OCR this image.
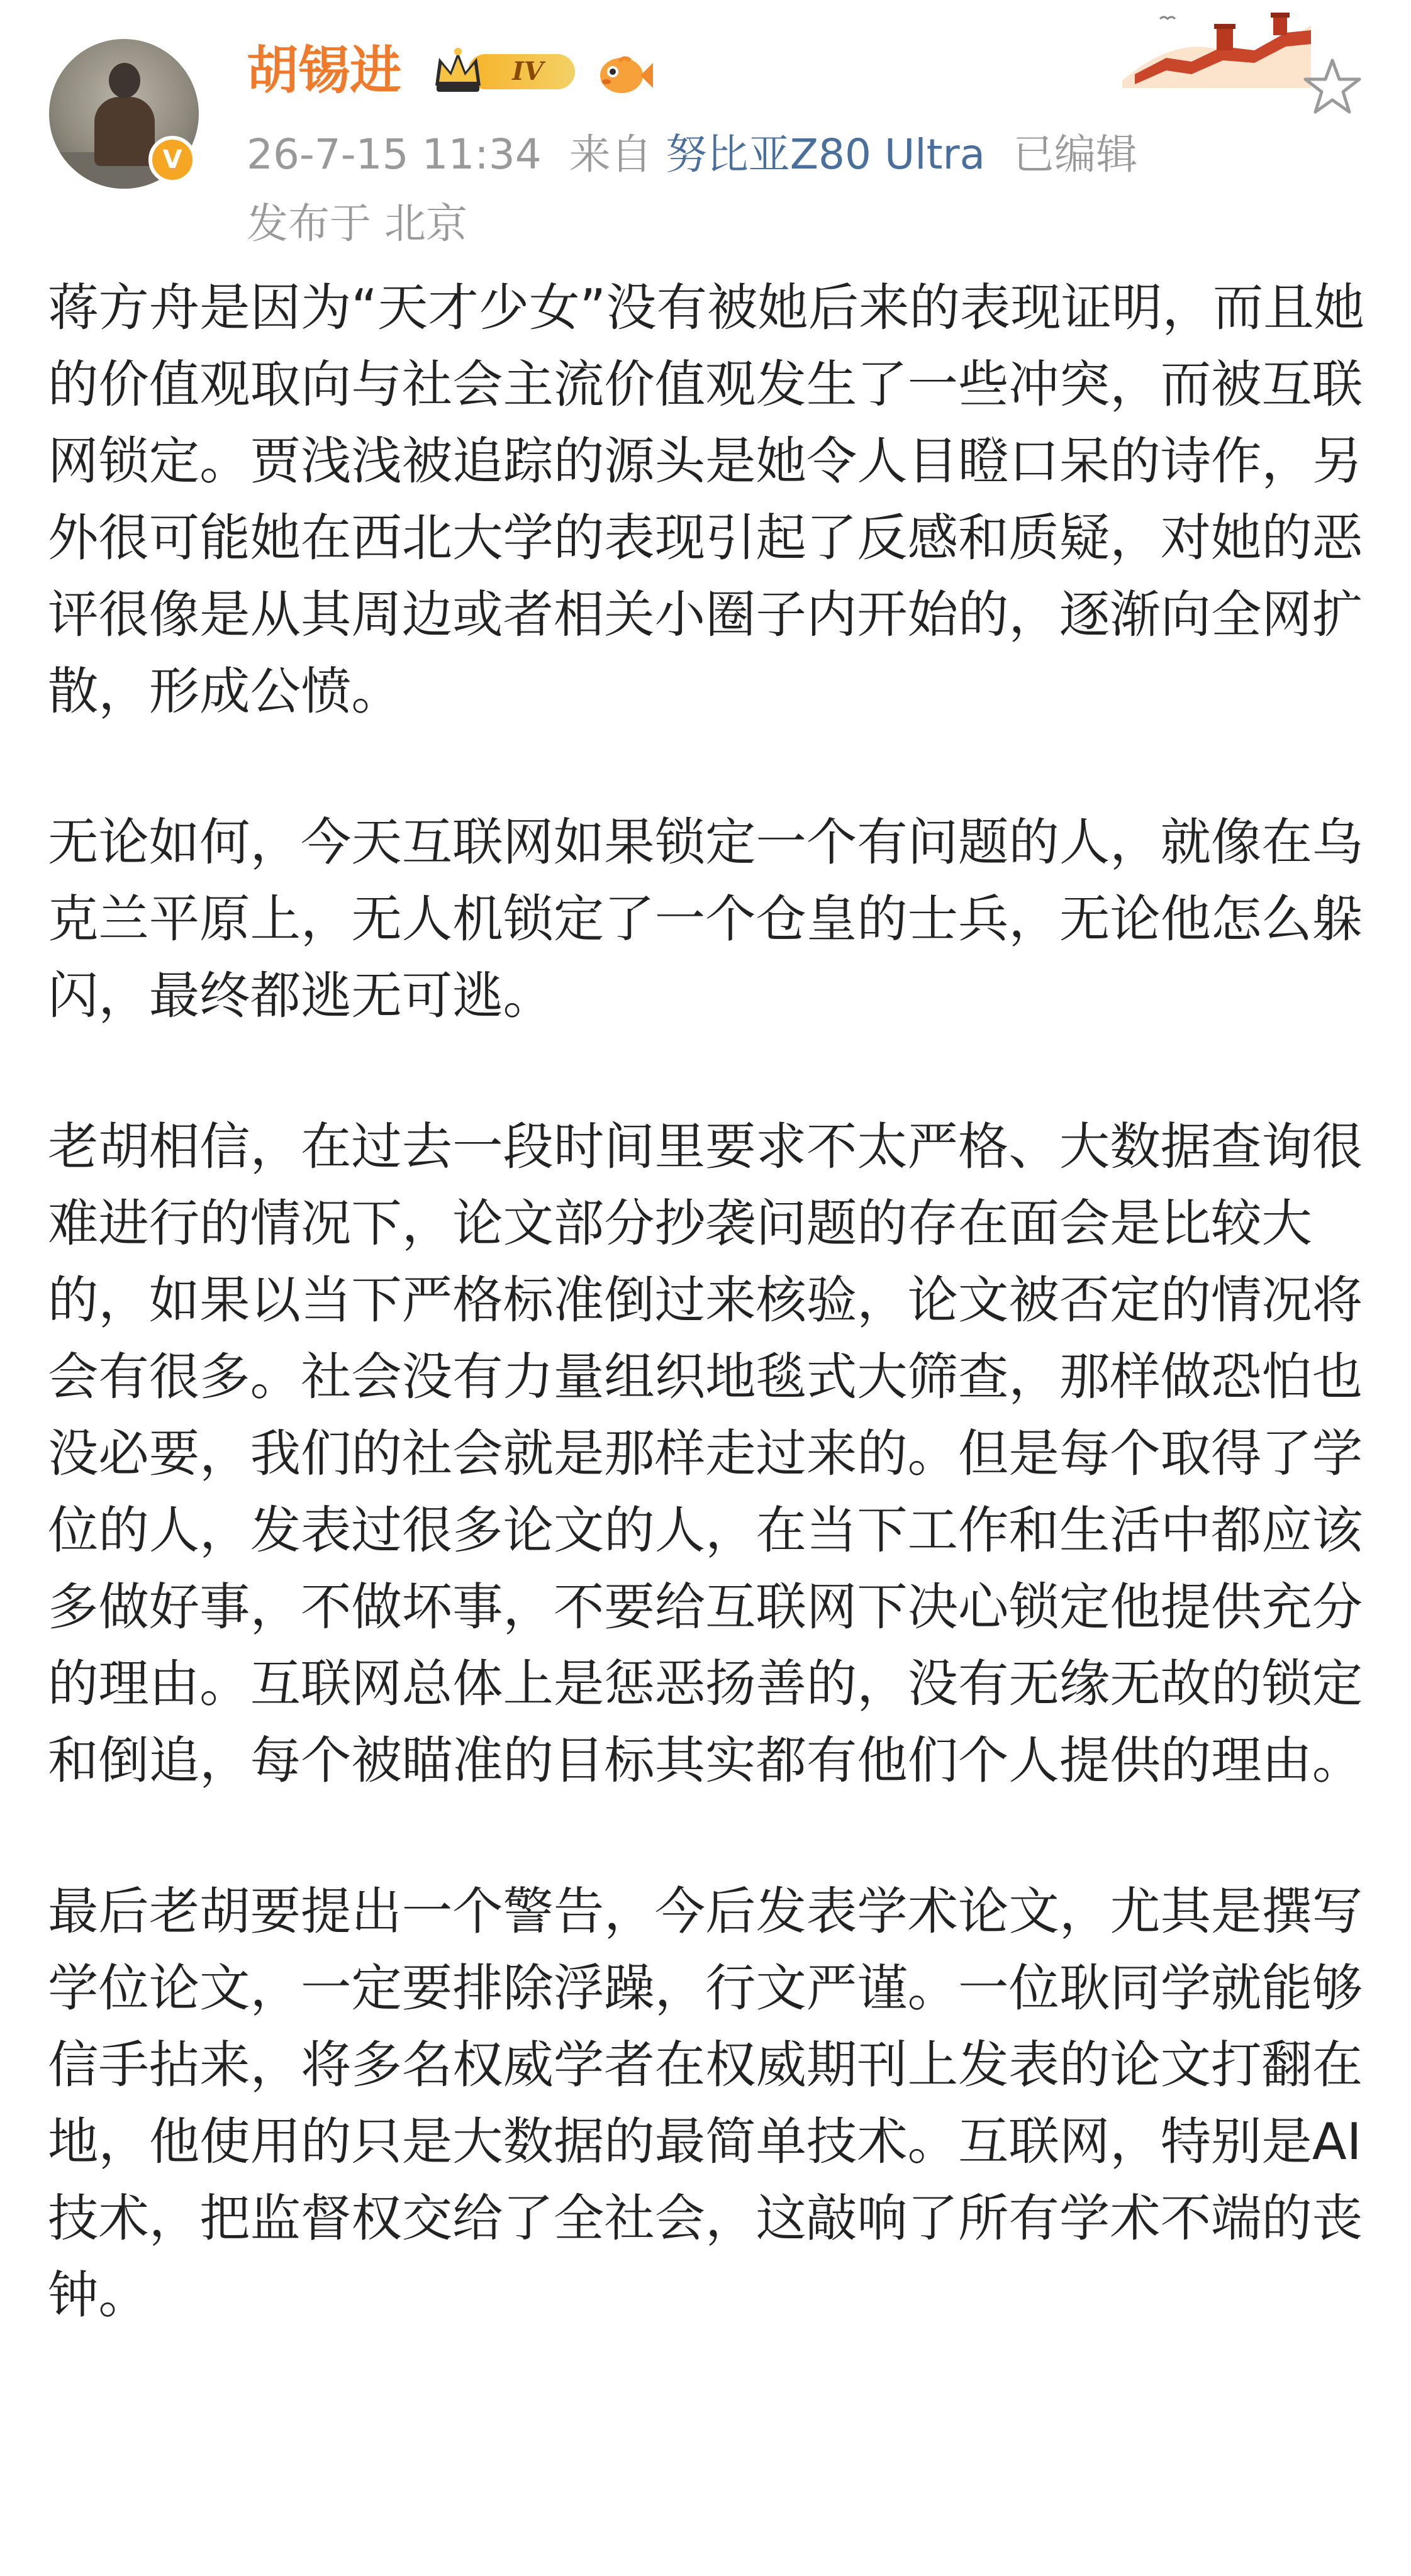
V
胡锡进	IV
26-7-15 11:34 来自 努比亚Z80 Ultra 已编辑
发布于 北京

蒋方舟是因为“天才少女”没有被她后来的表现证明，而且她的价值观取向与社会主流价值观发生了一些冲突，而被互联网锁定。贾浅浅被追踪的源头是她令人目瞪口呆的诗作，另外很可能她在西北大学的表现引起了反感和质疑，对她的恶评很像是从其周边或者相关小圈子内开始的，逐渐向全网扩散，形成公愤。

无论如何，今天互联网如果锁定一个有问题的人，就像在乌克兰平原上，无人机锁定了一个仓皇的士兵，无论他怎么躲闪，最终都逃无可逃。

老胡相信，在过去一段时间里要求不太严格、大数据查询很难进行的情况下，论文部分抄袭问题的存在面会是比较大的，如果以当下严格标准倒过来核验，论文被否定的情况将会有很多。社会没有力量组织地毯式大筛查，那样做恐怕也没必要，我们的社会就是那样走过来的。但是每个取得了学位的人，发表过很多论文的人，在当下工作和生活中都应该多做好事，不做坏事，不要给互联网下决心锁定他提供充分的理由。互联网总体上是惩恶扬善的，没有无缘无故的锁定和倒追，每个被瞄准的目标其实都有他们个人提供的理由。

最后老胡要提出一个警告，今后发表学术论文，尤其是撰写学位论文，一定要排除浮躁，行文严谨。一位耿同学就能够信手拈来，将多名权威学者在权威期刊上发表的论文打翻在地，他使用的只是大数据的最简单技术。互联网，特别是AI技术，把监督权交给了全社会，这敲响了所有学术不端的丧钟。
